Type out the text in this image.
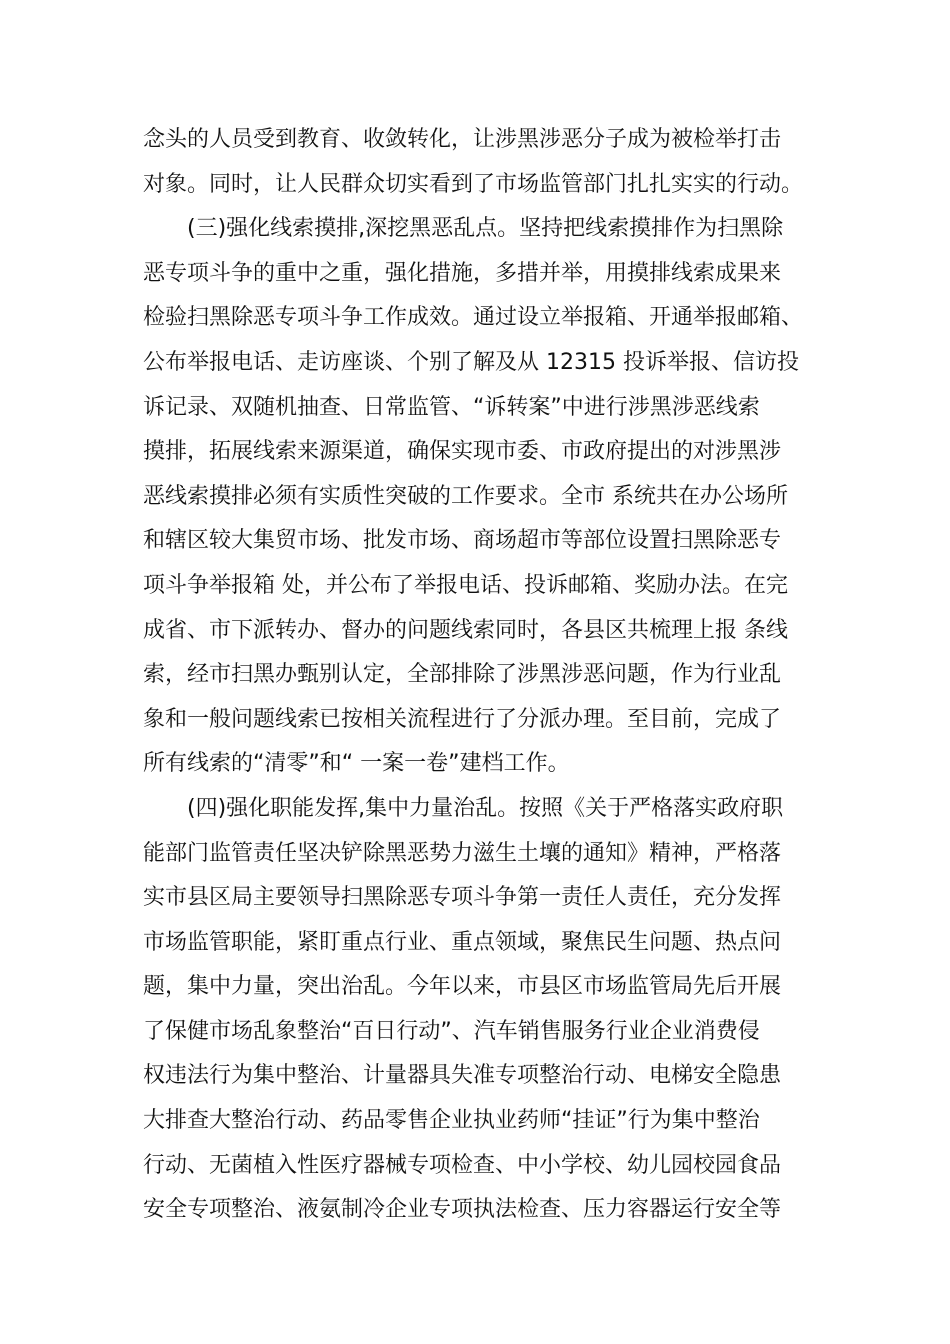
念头的人员受到教育、收敛转化，让涉黑涉恶分子成为被检举打击
对象。同时，让人民群众切实看到了市场监管部门扎扎实实的行动。
(三)强化线索摸排,深挖黑恶乱点。坚持把线索摸排作为扫黑除
恶专项斗争的重中之重，强化措施，多措并举，用摸排线索成果来
检验扫黑除恶专项斗争工作成效。通过设立举报箱、开通举报邮箱、
公布举报电话、走访座谈、个别了解及从 12315 投诉举报、信访投
诉记录、双随机抽查、日常监管、“诉转案”中进行涉黑涉恶线索
摸排，拓展线索来源渠道，确保实现市委、市政府提出的对涉黑涉
恶线索摸排必须有实质性突破的工作要求。全市 系统共在办公场所
和辖区较大集贸市场、批发市场、商场超市等部位设置扫黑除恶专
项斗争举报箱 处，并公布了举报电话、投诉邮箱、奖励办法。在完
成省、市下派转办、督办的问题线索同时，各县区共梳理上报 条线
索，经市扫黑办甄别认定，全部排除了涉黑涉恶问题，作为行业乱
象和一般问题线索已按相关流程进行了分派办理。至目前，完成了
所有线索的“清零”和“ 一案一卷”建档工作。
(四)强化职能发挥,集中力量治乱。按照《关于严格落实政府职
能部门监管责任坚决铲除黑恶势力滋生土壤的通知》精神，严格落
实市县区局主要领导扫黑除恶专项斗争第一责任人责任，充分发挥
市场监管职能，紧盯重点行业、重点领域，聚焦民生问题、热点问
题，集中力量，突出治乱。今年以来，市县区市场监管局先后开展
了保健市场乱象整治“百日行动”、汽车销售服务行业企业消费侵
权违法行为集中整治、计量器具失准专项整治行动、电梯安全隐患
大排查大整治行动、药品零售企业执业药师“挂证”行为集中整治
行动、无菌植入性医疗器械专项检查、中小学校、幼儿园校园食品
安全专项整治、液氨制冷企业专项执法检查、压力容器运行安全等
